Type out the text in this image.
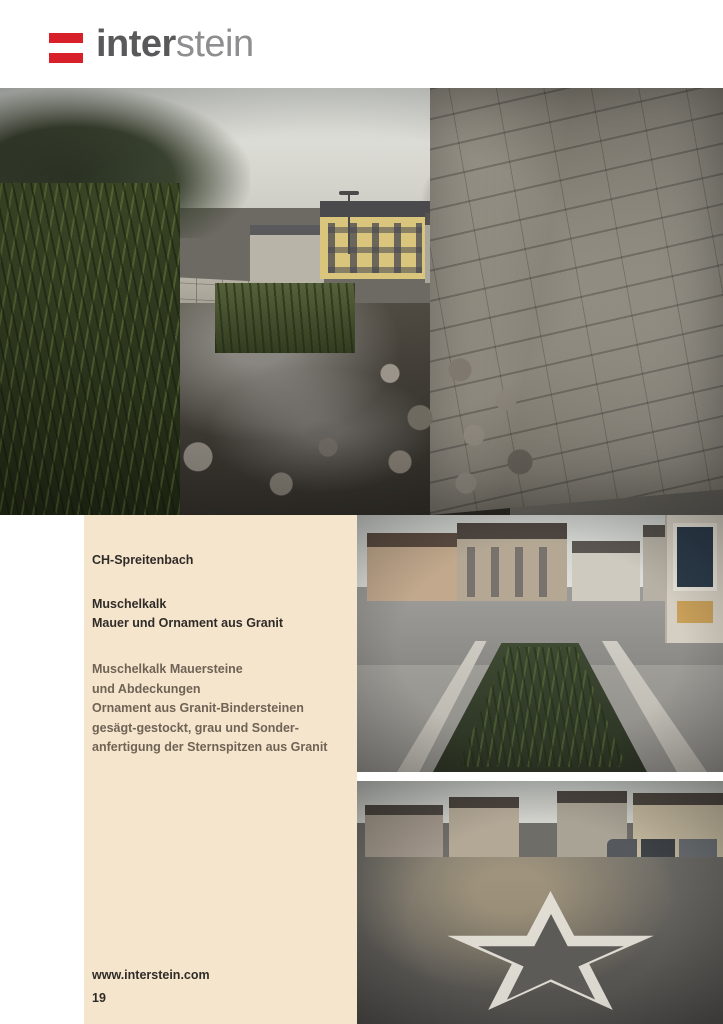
interstein
CH-Spreitenbach
Muschelkalk
Mauer und Ornament aus Granit
Muschelkalk Mauersteine
und Abdeckungen
Ornament aus Granit-Bindersteinen
gesägt-gestockt, grau und Sonder-
anfertigung der Sternspitzen aus Granit
www.interstein.com
19
